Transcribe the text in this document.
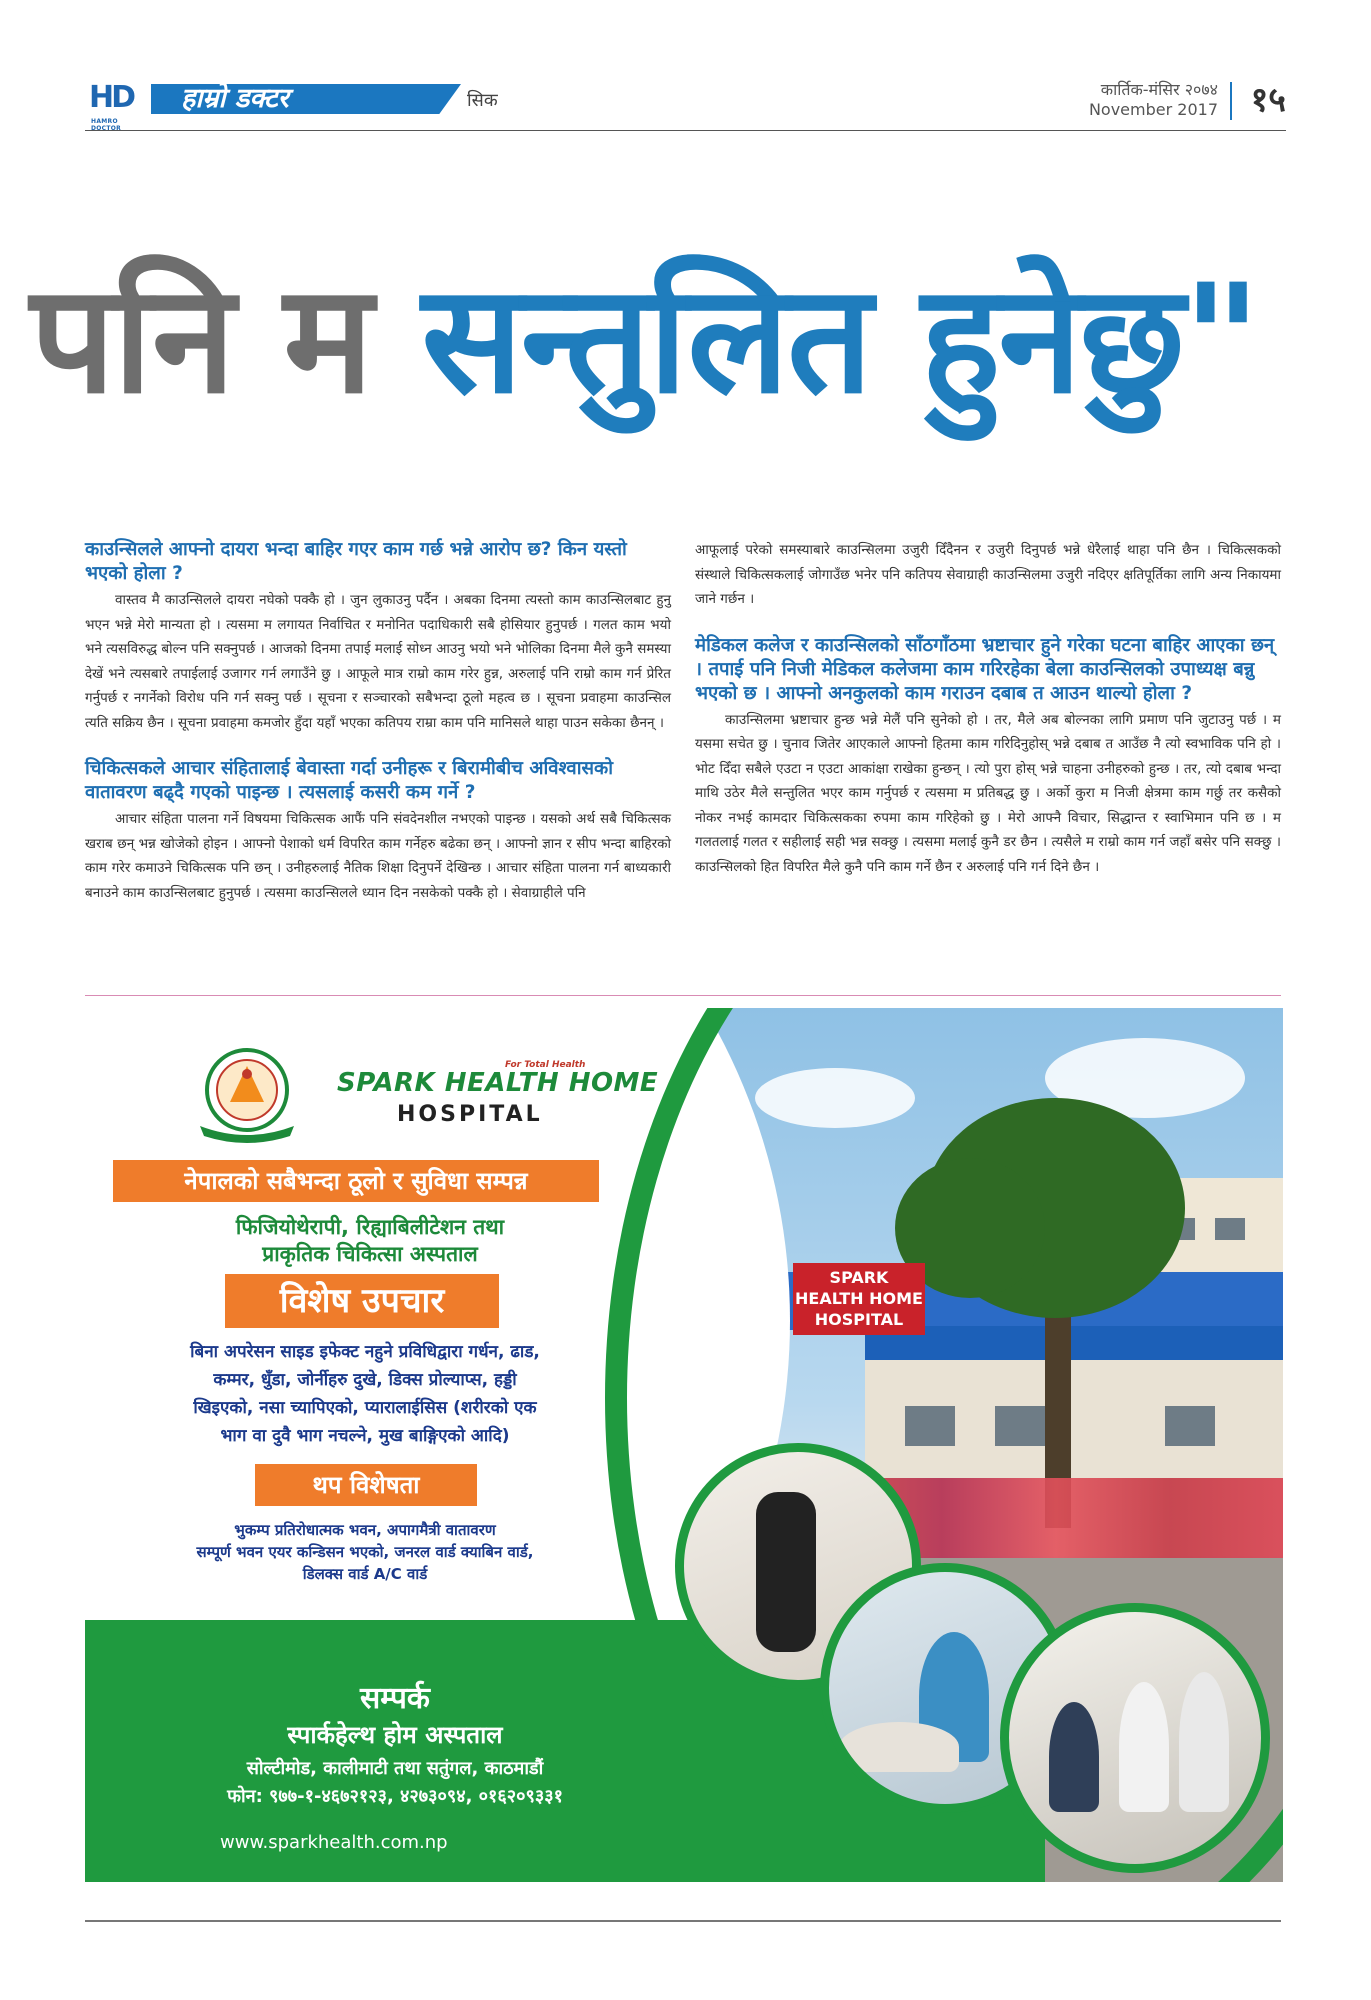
HD
HAMRO DOCTOR
हाम्रो डक्टर	सिक
कार्तिक-मंसिर २०७४
November 2017 १५
पनि म सन्तुलित हुनेछु"
काउन्सिलले आफ्नो दायरा भन्दा बाहिर गएर काम गर्छ भन्ने आरोप छ? किन यस्तो भएको होला ?
वास्तव मै काउन्सिलले दायरा नघेको पक्कै हो । जुन लुकाउनु पर्दैन । अबका दिनमा त्यस्तो काम काउन्सिलबाट हुनु भएन भन्ने मेरो मान्यता हो । त्यसमा म लगायत निर्वाचित र मनोनित पदाधिकारी सबै होसियार हुनुपर्छ । गलत काम भयो भने त्यसविरुद्ध बोल्न पनि सक्नुपर्छ । आजको दिनमा तपाई मलाई सोध्न आउनु भयो भने भोलिका दिनमा मैले कुनै समस्या देखें भने त्यसबारे तपाईलाई उजागर गर्न लगाउँने छु । आफूले मात्र राम्रो काम गरेर हुन्न, अरुलाई पनि राम्रो काम गर्न प्रेरित गर्नुपर्छ र नगर्नेको विरोध पनि गर्न सक्नु पर्छ । सूचना र सञ्चारको सबैभन्दा ठूलो महत्व छ । सूचना प्रवाहमा काउन्सिल त्यति सक्रिय छैन । सूचना प्रवाहमा कमजोर हुँदा यहाँ भएका कतिपय राम्रा काम पनि मानिसले थाहा पाउन सकेका छैनन् ।
चिकित्सकले आचार संहितालाई बेवास्ता गर्दा उनीहरू र बिरामीबीच अविश्वासको वातावरण बढ्दै गएको पाइन्छ । त्यसलाई कसरी कम गर्ने ?
आचार संहिता पालना गर्ने विषयमा चिकित्सक आफैं पनि संवदेनशील नभएको पाइन्छ । यसको अर्थ सबै चिकित्सक खराब छन् भन्न खोजेको होइन । आफ्नो पेशाको धर्म विपरित काम गर्नेहरु बढेका छन् । आफ्नो ज्ञान र सीप भन्दा बाहिरको काम गरेर कमाउने चिकित्सक पनि छन् । उनीहरुलाई नैतिक शिक्षा दिनुपर्ने देखिन्छ । आचार संहिता पालना गर्न बाध्यकारी बनाउने काम काउन्सिलबाट हुनुपर्छ । त्यसमा काउन्सिलले ध्यान दिन नसकेको पक्कै हो । सेवाग्राहीले पनि
आफूलाई परेको समस्याबारे काउन्सिलमा उजुरी दिँदैनन र उजुरी दिनुपर्छ भन्ने धेरैलाई थाहा पनि छैन । चिकित्सकको संस्थाले चिकित्सकलाई जोगाउँछ भनेर पनि कतिपय सेवाग्राही काउन्सिलमा उजुरी नदिएर क्षतिपूर्तिका लागि अन्य निकायमा जाने गर्छन ।
मेडिकल कलेज र काउन्सिलको साँठगाँठमा भ्रष्टाचार हुने गरेका घटना बाहिर आएका छन् । तपाई पनि निजी मेडिकल कलेजमा काम गरिरहेका बेला काउन्सिलको उपाध्यक्ष बन्नु भएको छ । आफ्नो अनकुलको काम गराउन दबाब त आउन थाल्यो होला ?
काउन्सिलमा भ्रष्टाचार हुन्छ भन्ने मेलैं पनि सुनेको हो । तर, मैले अब बोल्नका लागि प्रमाण पनि जुटाउनु पर्छ । म यसमा सचेत छु । चुनाव जितेर आएकाले आफ्नो हितमा काम गरिदिनुहोस् भन्ने दबाब त आउँछ नै त्यो स्वभाविक पनि हो । भोट दिँदा सबैले एउटा न एउटा आकांक्षा राखेका हुन्छन् । त्यो पुरा होस् भन्ने चाहना उनीहरुको हुन्छ । तर, त्यो दबाब भन्दा माथि उठेर मैले सन्तुलित भएर काम गर्नुपर्छ र त्यसमा म प्रतिबद्ध छु । अर्को कुरा म निजी क्षेत्रमा काम गर्छु तर कसैको नोकर नभई कामदार चिकित्सकका रुपमा काम गरिहेको छु । मेरो आफ्नै विचार, सिद्धान्त र स्वाभिमान पनि छ । म गलतलाई गलत र सहीलाई सही भन्न सक्छु । त्यसमा मलाई कुनै डर छैन । त्यसैले म राम्रो काम गर्न जहाँ बसेर पनि सक्छु । काउन्सिलको हित विपरित मैले कुनै पनि काम गर्ने छैन र अरुलाई पनि गर्न दिने छैन ।
SPARK
HEALTH HOME
HOSPITAL
For Total Health
SPARK HEALTH HOME
HOSPITAL
नेपालको सबैभन्दा ठूलो र सुविधा सम्पन्न
फिजियोथेरापी, रिह्याबिलीटेशन तथा
प्राकृतिक चिकित्सा अस्पताल
विशेष उपचार
बिना अपरेसन साइड इफेक्ट नहुने प्रविधिद्वारा गर्धन, ढाड,
कम्मर, धुँडा, जोर्नीहरु दुखे, डिक्स प्रोल्याप्स, हड्डी
खिइएको, नसा च्यापिएको, प्यारालाईसिस (शरीरको एक
भाग वा दुवै भाग नचल्ने, मुख बाङ्गिएको आदि)
थप विशेषता
भुकम्प प्रतिरोधात्मक भवन, अपागमैत्री वातावरण
सम्पूर्ण भवन एयर कन्डिसन भएको, जनरल वार्ड क्याबिन वार्ड,
डिलक्स वार्ड A/C वार्ड
सम्पर्क
स्पार्कहेल्थ होम अस्पताल
सोल्टीमोड, कालीमाटी तथा सतुंगल, काठमाडौं
फोन: ९७७-१-४६७२१२३, ४२७३०९४, ०१६२०९३३१
www.sparkhealth.com.np
